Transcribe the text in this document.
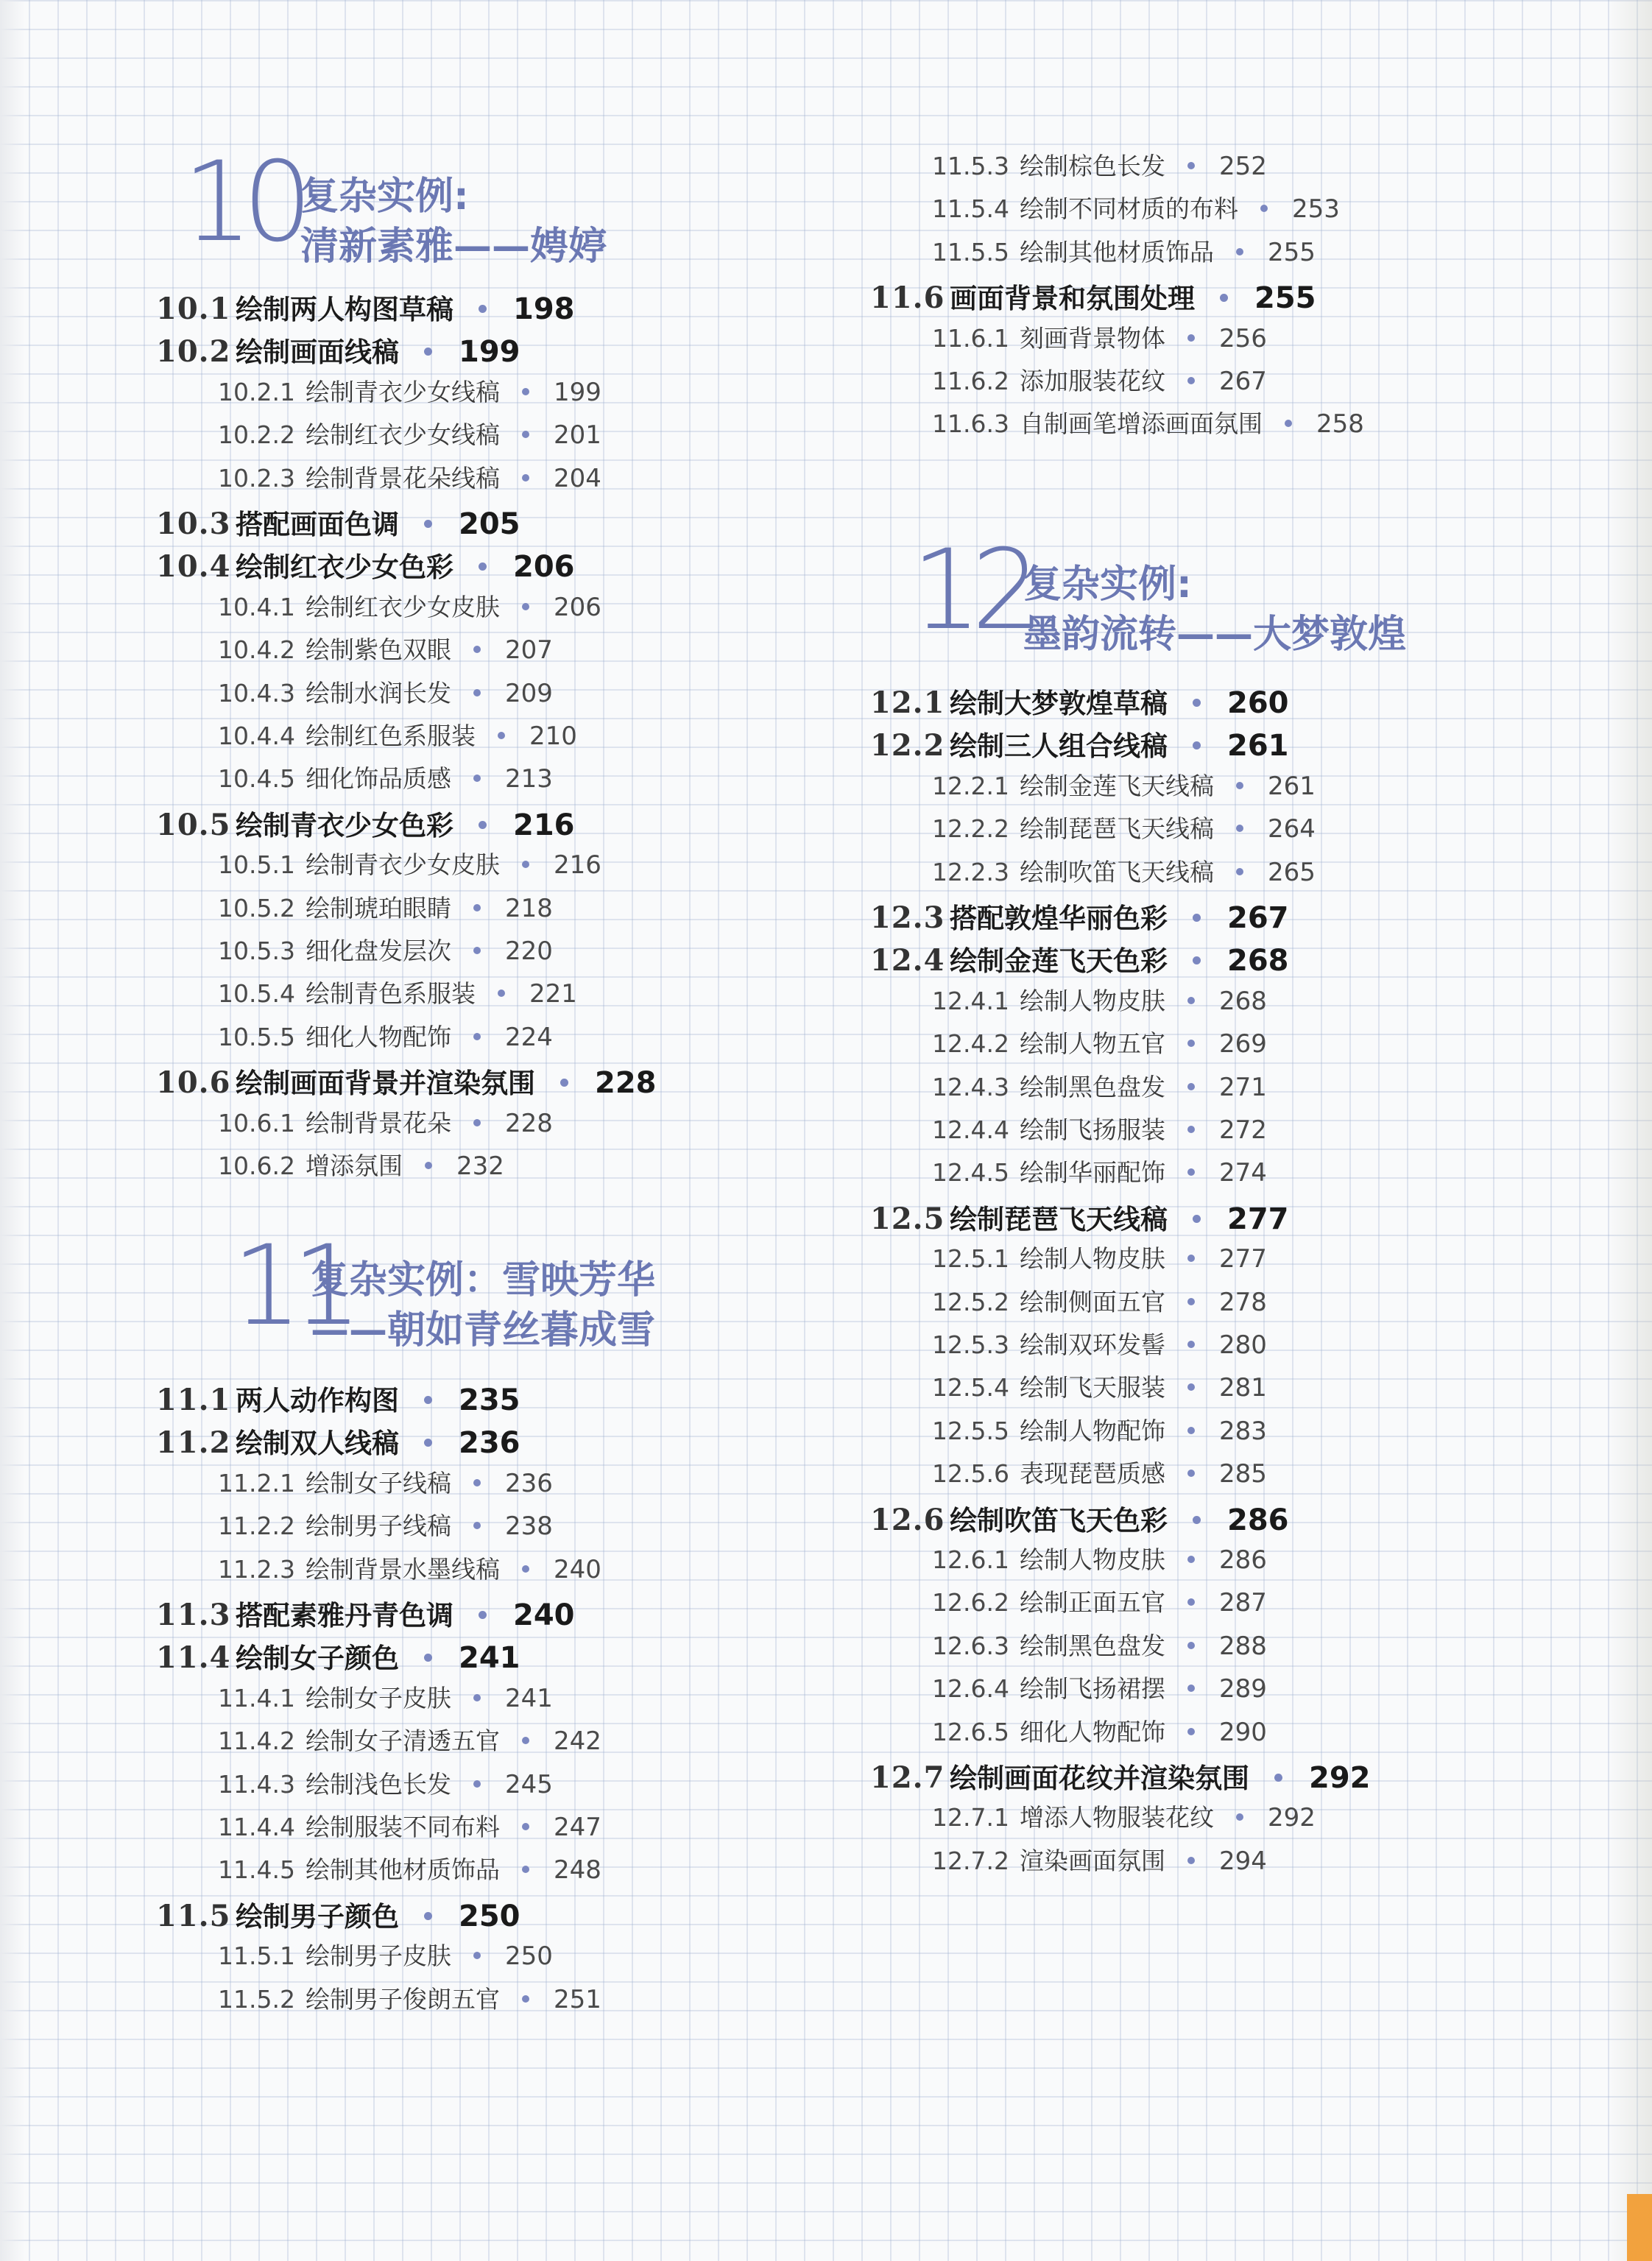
10
复杂实例:
清新素雅——娉婷
10.1 绘制两人构图草稿 198
10.2 绘制画面线稿 199
10.2.1 绘制青衣少女线稿 199
10.2.2 绘制红衣少女线稿 201
10.2.3 绘制背景花朵线稿 204
10.3 搭配画面色调 205
10.4 绘制红衣少女色彩 206
10.4.1 绘制红衣少女皮肤 206
10.4.2 绘制紫色双眼 207
10.4.3 绘制水润长发 209
10.4.4 绘制红色系服装 210
10.4.5 细化饰品质感 213
10.5 绘制青衣少女色彩 216
10.5.1 绘制青衣少女皮肤 216
10.5.2 绘制琥珀眼睛 218
10.5.3 细化盘发层次 220
10.5.4 绘制青色系服装 221
10.5.5 细化人物配饰 224
10.6 绘制画面背景并渲染氛围 228
10.6.1 绘制背景花朵 228
10.6.2 增添氛围 232
11
复杂实例：雪映芳华
——朝如青丝暮成雪
11.1 两人动作构图 235
11.2 绘制双人线稿 236
11.2.1 绘制女子线稿 236
11.2.2 绘制男子线稿 238
11.2.3 绘制背景水墨线稿 240
11.3 搭配素雅丹青色调 240
11.4 绘制女子颜色 241
11.4.1 绘制女子皮肤 241
11.4.2 绘制女子清透五官 242
11.4.3 绘制浅色长发 245
11.4.4 绘制服装不同布料 247
11.4.5 绘制其他材质饰品 248
11.5 绘制男子颜色 250
11.5.1 绘制男子皮肤 250
11.5.2 绘制男子俊朗五官 251
11.5.3 绘制棕色长发 252
11.5.4 绘制不同材质的布料 253
11.5.5 绘制其他材质饰品 255
11.6 画面背景和氛围处理 255
11.6.1 刻画背景物体 256
11.6.2 添加服装花纹 267
11.6.3 自制画笔增添画面氛围 258
12
复杂实例:
墨韵流转——大梦敦煌
12.1 绘制大梦敦煌草稿 260
12.2 绘制三人组合线稿 261
12.2.1 绘制金莲飞天线稿 261
12.2.2 绘制琵琶飞天线稿 264
12.2.3 绘制吹笛飞天线稿 265
12.3 搭配敦煌华丽色彩 267
12.4 绘制金莲飞天色彩 268
12.4.1 绘制人物皮肤 268
12.4.2 绘制人物五官 269
12.4.3 绘制黑色盘发 271
12.4.4 绘制飞扬服装 272
12.4.5 绘制华丽配饰 274
12.5 绘制琵琶飞天线稿 277
12.5.1 绘制人物皮肤 277
12.5.2 绘制侧面五官 278
12.5.3 绘制双环发髻 280
12.5.4 绘制飞天服装 281
12.5.5 绘制人物配饰 283
12.5.6 表现琵琶质感 285
12.6 绘制吹笛飞天色彩 286
12.6.1 绘制人物皮肤 286
12.6.2 绘制正面五官 287
12.6.3 绘制黑色盘发 288
12.6.4 绘制飞扬裙摆 289
12.6.5 细化人物配饰 290
12.7 绘制画面花纹并渲染氛围 292
12.7.1 增添人物服装花纹 292
12.7.2 渲染画面氛围 294
